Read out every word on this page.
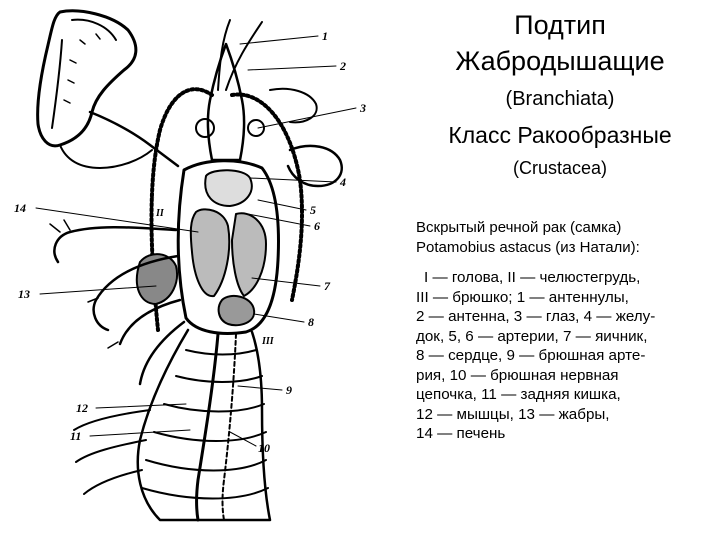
1
2
3
4
5
6
7
8
9
10
11
12
13
14	I
II
III
Подтип
Жабродышащие
(Branchiata)
Класс Ракообразные
(Crustacea)

Вскрытый речной рак (самка)

Potamobius astacus (из Натали):

I — голова, II — челюстегрудь,
III — брюшко; 1 — антеннулы,
2 — антенна, 3 — глаз, 4 — желу-
док, 5, 6 — артерии, 7 — яичник,
8 — сердце, 9 — брюшная арте-
рия, 10 — брюшная нервная
цепочка, 11 — задняя кишка,
12 — мышцы, 13 — жабры,
14 — печень
